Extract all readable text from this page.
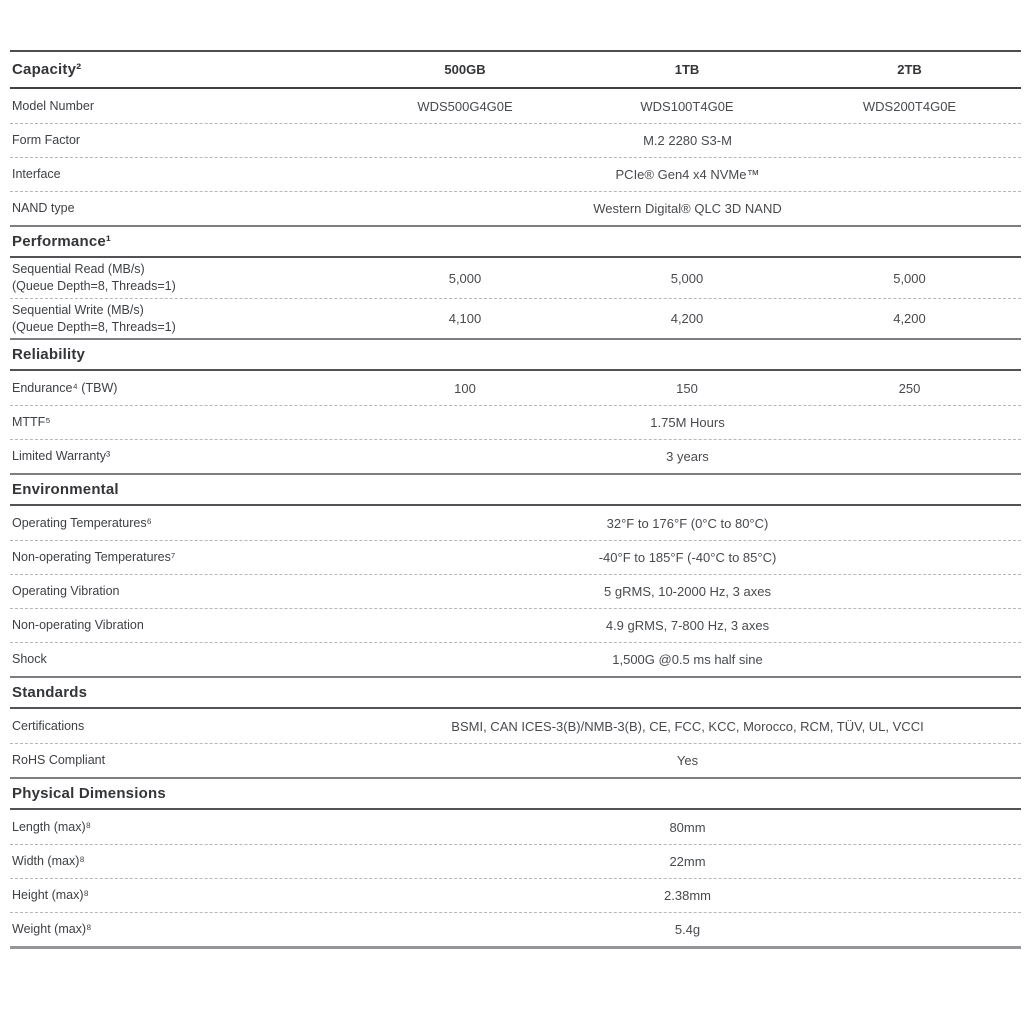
Capacity²	500GB	1TB	2TB
Model Number	WDS500G4G0E	WDS100T4G0E	WDS200T4G0E
Form Factor	M.2 2280 S3-M
Interface	PCIe® Gen4 x4 NVMe™
NAND type	Western Digital® QLC 3D NAND
Performance¹
Sequential Read (MB/s)
(Queue Depth=8, Threads=1)
5,000	5,000	5,000
Sequential Write (MB/s)
(Queue Depth=8, Threads=1)
4,100	4,200	4,200
Reliability
Endurance⁴ (TBW)	100	150	250
MTTF⁵	1.75M Hours
Limited Warranty³	3 years
Environmental
Operating Temperatures⁶	32°F to 176°F (0°C to 80°C)
Non-operating Temperatures⁷	-40°F to 185°F (-40°C to 85°C)
Operating Vibration	5 gRMS, 10-2000 Hz, 3 axes
Non-operating Vibration	4.9 gRMS, 7-800 Hz, 3 axes
Shock	1,500G @0.5 ms half sine
Standards
Certifications	BSMI, CAN ICES-3(B)/NMB-3(B), CE, FCC, KCC, Morocco, RCM, TÜV, UL, VCCI
RoHS Compliant	Yes
Physical Dimensions
Length (max)⁸	80mm
Width (max)⁸	22mm
Height (max)⁸	2.38mm
Weight (max)⁸	5.4g
